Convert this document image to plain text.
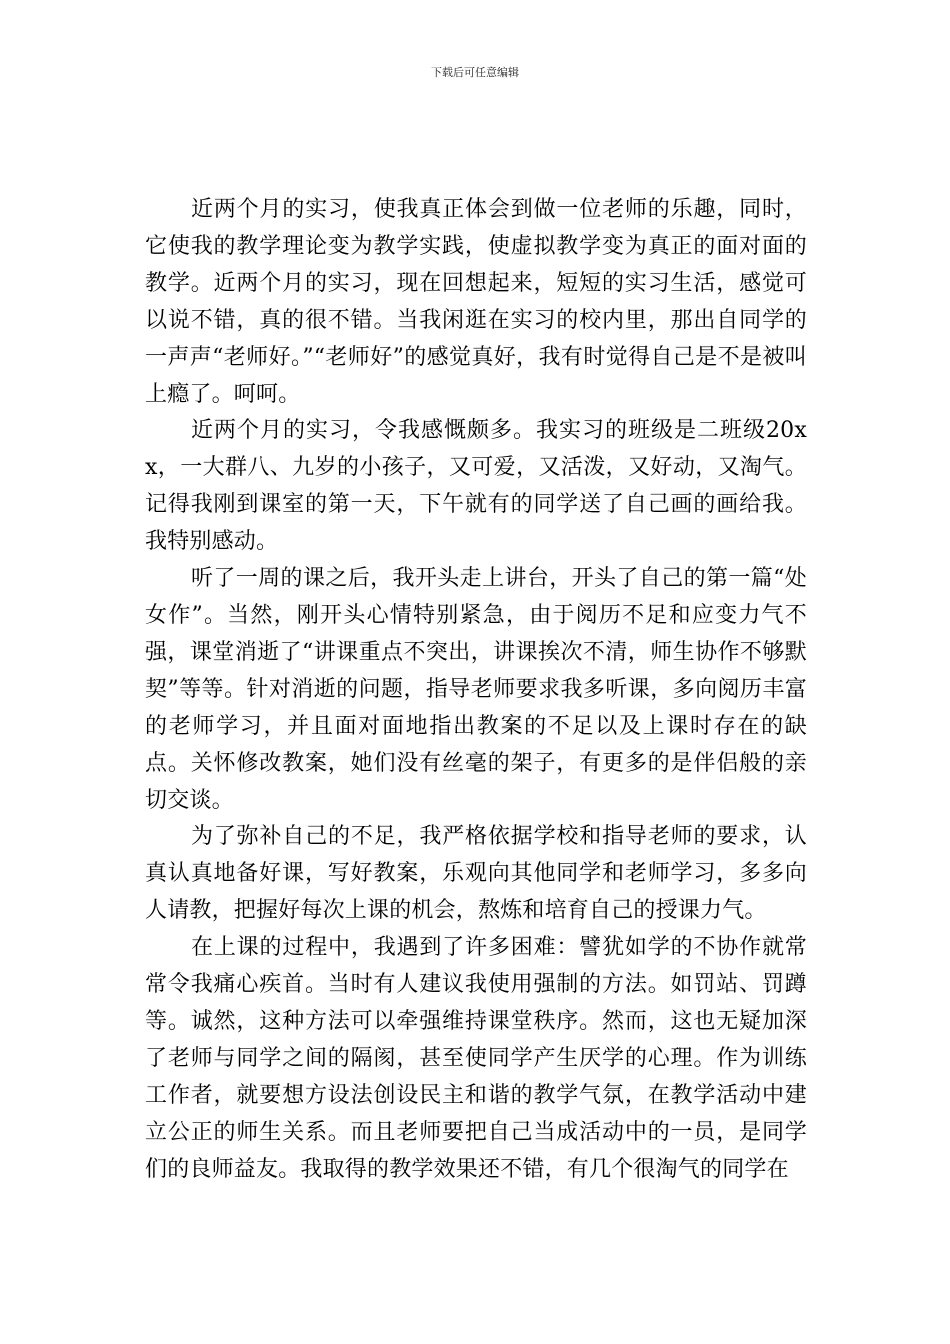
下载后可任意编辑

近两个月的实习，使我真正体会到做一位老师的乐趣，同时，它使我的教学理论变为教学实践，使虚拟教学变为真正的面对面的教学。近两个月的实习，现在回想起来，短短的实习生活，感觉可以说不错，真的很不错。当我闲逛在实习的校内里，那出自同学的一声声“老师好。”“老师好”的感觉真好，我有时觉得自己是不是被叫上瘾了。呵呵。

近两个月的实习，令我感慨颇多。我实习的班级是二班级20xx，一大群八、九岁的小孩子，又可爱，又活泼，又好动，又淘气。记得我刚到课室的第一天，下午就有的同学送了自己画的画给我。我特别感动。

听了一周的课之后，我开头走上讲台，开头了自己的第一篇“处女作”。当然，刚开头心情特别紧急，由于阅历不足和应变力气不强，课堂消逝了“讲课重点不突出，讲课挨次不清，师生协作不够默契”等等。针对消逝的问题，指导老师要求我多听课，多向阅历丰富的老师学习，并且面对面地指出教案的不足以及上课时存在的缺点。关怀修改教案，她们没有丝毫的架子，有更多的是伴侣般的亲切交谈。

为了弥补自己的不足，我严格依据学校和指导老师的要求，认真认真地备好课，写好教案，乐观向其他同学和老师学习，多多向人请教，把握好每次上课的机会，熬炼和培育自己的授课力气。

在上课的过程中，我遇到了许多困难：譬犹如学的不协作就常常令我痛心疾首。当时有人建议我使用强制的方法。如罚站、罚蹲等。诚然，这种方法可以牵强维持课堂秩序。然而，这也无疑加深了老师与同学之间的隔阂，甚至使同学产生厌学的心理。作为训练工作者，就要想方设法创设民主和谐的教学气氛，在教学活动中建立公正的师生关系。而且老师要把自己当成活动中的一员，是同学们的良师益友。我取得的教学效果还不错，有几个很淘气的同学在
